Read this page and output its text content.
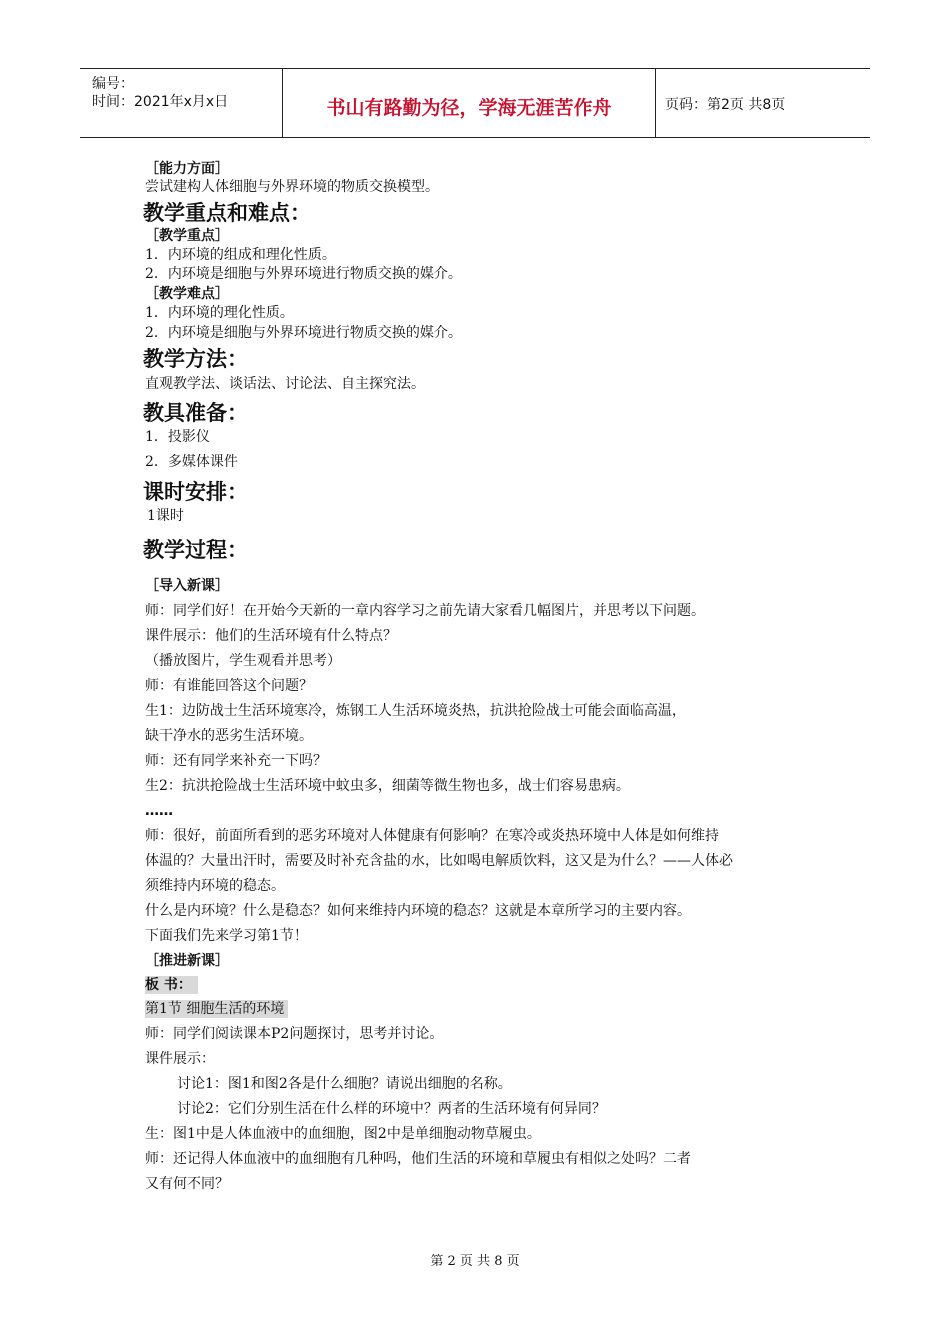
编号：
时间：2021年x月x日	书山有路勤为径，学海无涯苦作舟	页码：第2页 共8页
［能力方面］
尝试建构人体细胞与外界环境的物质交换模型。
教学重点和难点：
［教学重点］
1．内环境的组成和理化性质。
2．内环境是细胞与外界环境进行物质交换的媒介。
［教学难点］
1．内环境的理化性质。
2．内环境是细胞与外界环境进行物质交换的媒介。
教学方法：
直观教学法、谈话法、讨论法、自主探究法。
教具准备：
1．投影仪
2．多媒体课件
课时安排：
1课时
教学过程：
［导入新课］
师：同学们好！在开始今天新的一章内容学习之前先请大家看几幅图片，并思考以下问题。
课件展示：他们的生活环境有什么特点？
（播放图片，学生观看并思考）
师：有谁能回答这个问题？
生1：边防战士生活环境寒冷，炼钢工人生活环境炎热，抗洪抢险战士可能会面临高温，
缺干净水的恶劣生活环境。
师：还有同学来补充一下吗？
生2：抗洪抢险战士生活环境中蚊虫多，细菌等微生物也多，战士们容易患病。
……
师：很好，前面所看到的恶劣环境对人体健康有何影响？在寒冷或炎热环境中人体是如何维持
体温的？大量出汗时，需要及时补充含盐的水，比如喝电解质饮料，这又是为什么？——人体必
须维持内环境的稳态。
什么是内环境？什么是稳态？如何来维持内环境的稳态？这就是本章所学习的主要内容。
下面我们先来学习第1节！
［推进新课］
板 书：
第1节 细胞生活的环境
师：同学们阅读课本P2问题探讨，思考并讨论。
课件展示：
讨论1：图1和图2各是什么细胞？请说出细胞的名称。
讨论2：它们分别生活在什么样的环境中？两者的生活环境有何异同？
生：图1中是人体血液中的血细胞，图2中是单细胞动物草履虫。
师：还记得人体血液中的血细胞有几种吗，他们生活的环境和草履虫有相似之处吗？二者
又有何不同？
第 2 页 共 8 页
